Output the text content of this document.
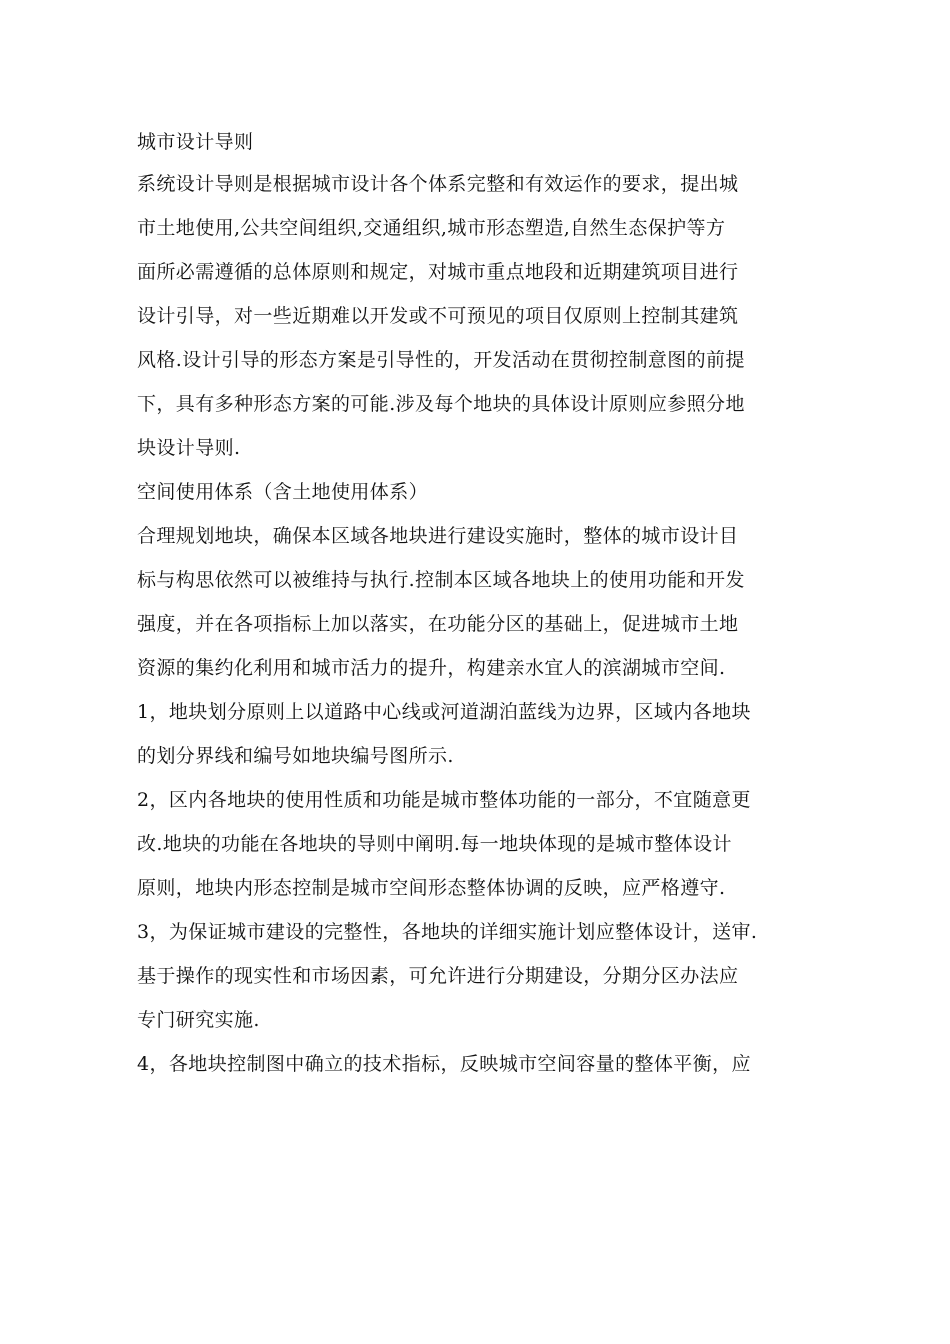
城市设计导则
系统设计导则是根据城市设计各个体系完整和有效运作的要求，提出城
市土地使用,公共空间组织,交通组织,城市形态塑造,自然生态保护等方
面所必需遵循的总体原则和规定，对城市重点地段和近期建筑项目进行
设计引导，对一些近期难以开发或不可预见的项目仅原则上控制其建筑
风格.设计引导的形态方案是引导性的，开发活动在贯彻控制意图的前提
下，具有多种形态方案的可能.涉及每个地块的具体设计原则应参照分地
块设计导则.
空间使用体系（含土地使用体系）
合理规划地块，确保本区域各地块进行建设实施时，整体的城市设计目
标与构思依然可以被维持与执行.控制本区域各地块上的使用功能和开发
强度，并在各项指标上加以落实，在功能分区的基础上，促进城市土地
资源的集约化利用和城市活力的提升，构建亲水宜人的滨湖城市空间.
1，地块划分原则上以道路中心线或河道湖泊蓝线为边界，区域内各地块
的划分界线和编号如地块编号图所示.
2，区内各地块的使用性质和功能是城市整体功能的一部分，不宜随意更
改.地块的功能在各地块的导则中阐明.每一地块体现的是城市整体设计
原则，地块内形态控制是城市空间形态整体协调的反映，应严格遵守.
3，为保证城市建设的完整性，各地块的详细实施计划应整体设计，送审.
基于操作的现实性和市场因素，可允许进行分期建设，分期分区办法应
专门研究实施.
4，各地块控制图中确立的技术指标，反映城市空间容量的整体平衡，应
